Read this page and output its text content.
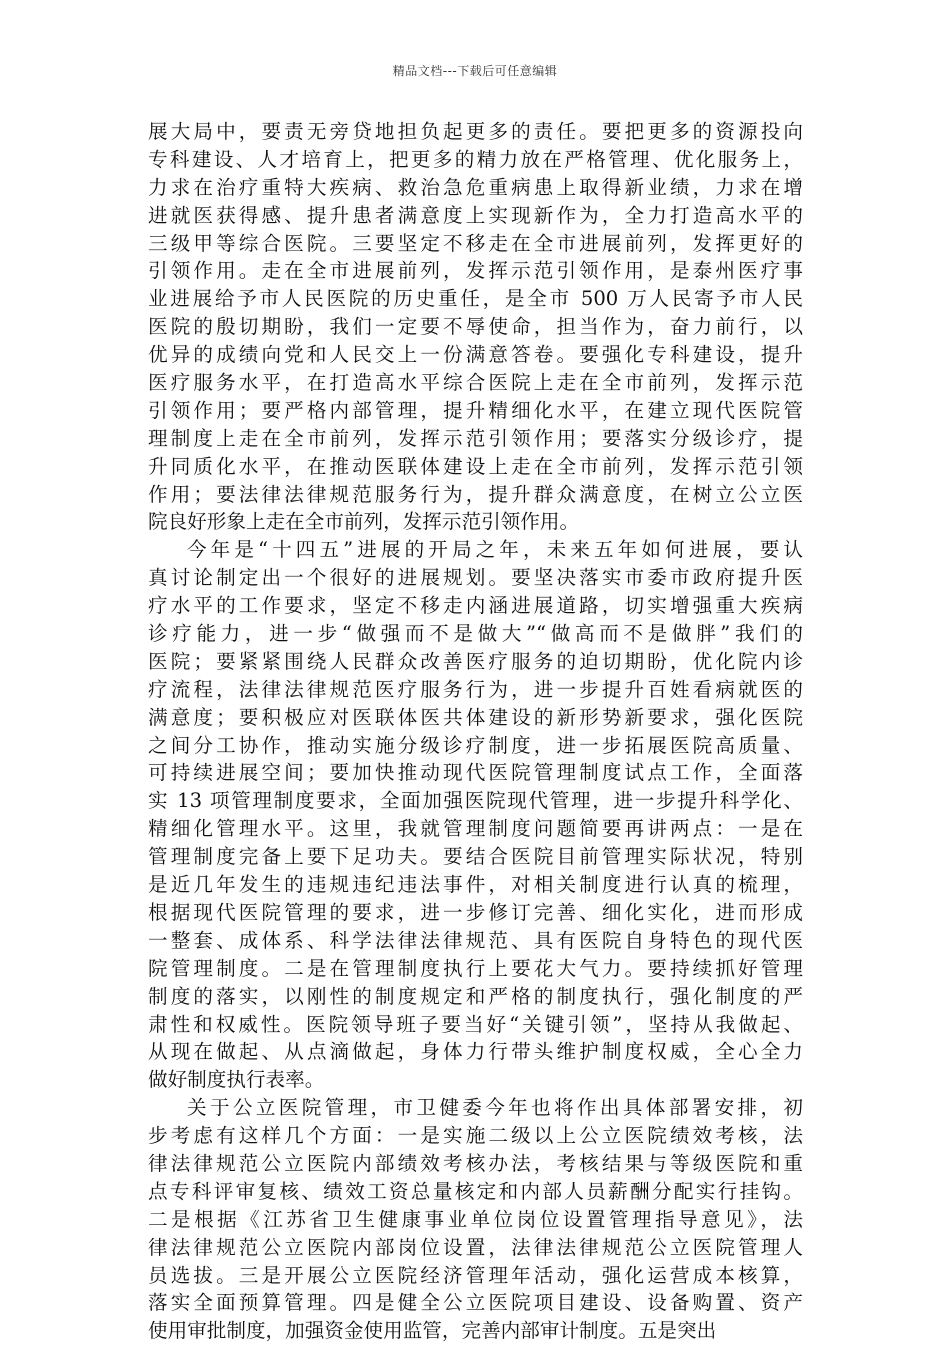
精品文档---下载后可任意编辑
展大局中，要责无旁贷地担负起更多的责任。要把更多的资源投向
专科建设、人才培育上，把更多的精力放在严格管理、优化服务上，
力求在治疗重特大疾病、救治急危重病患上取得新业绩，力求在增
进就医获得感、提升患者满意度上实现新作为，全力打造高水平的
三级甲等综合医院。三要坚定不移走在全市进展前列，发挥更好的
引领作用。走在全市进展前列，发挥示范引领作用，是泰州医疗事
业进展给予市人民医院的历史重任，是全市 500 万人民寄予市人民
医院的殷切期盼，我们一定要不辱使命，担当作为，奋力前行，以
优异的成绩向党和人民交上一份满意答卷。要强化专科建设，提升
医疗服务水平，在打造高水平综合医院上走在全市前列，发挥示范
引领作用；要严格内部管理，提升精细化水平，在建立现代医院管
理制度上走在全市前列，发挥示范引领作用；要落实分级诊疗，提
升同质化水平，在推动医联体建设上走在全市前列，发挥示范引领
作用；要法律法律规范服务行为，提升群众满意度，在树立公立医
院良好形象上走在全市前列，发挥示范引领作用。
今年是“十四五”进展的开局之年，未来五年如何进展，要认
真讨论制定出一个很好的进展规划。要坚决落实市委市政府提升医
疗水平的工作要求，坚定不移走内涵进展道路，切实增强重大疾病
诊疗能力，进一步“做强而不是做大”“做高而不是做胖”我们的
医院；要紧紧围绕人民群众改善医疗服务的迫切期盼，优化院内诊
疗流程，法律法律规范医疗服务行为，进一步提升百姓看病就医的
满意度；要积极应对医联体医共体建设的新形势新要求，强化医院
之间分工协作，推动实施分级诊疗制度，进一步拓展医院高质量、
可持续进展空间；要加快推动现代医院管理制度试点工作，全面落
实 13 项管理制度要求，全面加强医院现代管理，进一步提升科学化、
精细化管理水平。这里，我就管理制度问题简要再讲两点：一是在
管理制度完备上要下足功夫。要结合医院目前管理实际状况，特别
是近几年发生的违规违纪违法事件，对相关制度进行认真的梳理，
根据现代医院管理的要求，进一步修订完善、细化实化，进而形成
一整套、成体系、科学法律法律规范、具有医院自身特色的现代医
院管理制度。二是在管理制度执行上要花大气力。要持续抓好管理
制度的落实，以刚性的制度规定和严格的制度执行，强化制度的严
肃性和权威性。医院领导班子要当好“关键引领”，坚持从我做起、
从现在做起、从点滴做起，身体力行带头维护制度权威，全心全力
做好制度执行表率。
关于公立医院管理，市卫健委今年也将作出具体部署安排，初
步考虑有这样几个方面：一是实施二级以上公立医院绩效考核，法
律法律规范公立医院内部绩效考核办法，考核结果与等级医院和重
点专科评审复核、绩效工资总量核定和内部人员薪酬分配实行挂钩。
二是根据《江苏省卫生健康事业单位岗位设置管理指导意见》，法
律法律规范公立医院内部岗位设置，法律法律规范公立医院管理人
员选拔。三是开展公立医院经济管理年活动，强化运营成本核算，
落实全面预算管理。四是健全公立医院项目建设、设备购置、资产
使用审批制度，加强资金使用监管，完善内部审计制度。五是突出
